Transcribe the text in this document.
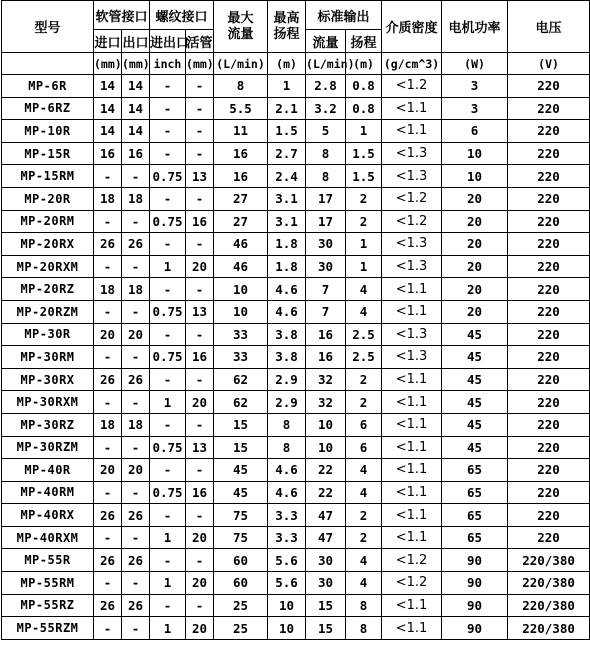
型号	软管接口		螺纹接口		最大流量	最高扬程	标准输出		介质密度	电机功率	电压
	进口	出口	进出口	活管			流量	扬程			
	(mm)	(mm)	inch	(mm)	(L/min)	(m)	(L/min)	(m)	(g/cm^3)	(W)	(V)
MP-6R	14	14	-	-	8	1	2.8	0.8	<1.2	3	220
MP-6RZ	14	14	-	-	5.5	2.1	3.2	0.8	<1.1	3	220
MP-10R	14	14	-	-	11	1.5	5	1	<1.1	6	220
MP-15R	16	16	-	-	16	2.7	8	1.5	<1.3	10	220
MP-15RM	-	-	0.75	13	16	2.4	8	1.5	<1.3	10	220
MP-20R	18	18	-	-	27	3.1	17	2	<1.2	20	220
MP-20RM	-	-	0.75	16	27	3.1	17	2	<1.2	20	220
MP-20RX	26	26	-	-	46	1.8	30	1	<1.3	20	220
MP-20RXM	-	-	1	20	46	1.8	30	1	<1.3	20	220
MP-20RZ	18	18	-	-	10	4.6	7	4	<1.1	20	220
MP-20RZM	-	-	0.75	13	10	4.6	7	4	<1.1	20	220
MP-30R	20	20	-	-	33	3.8	16	2.5	<1.3	45	220
MP-30RM	-	-	0.75	16	33	3.8	16	2.5	<1.3	45	220
MP-30RX	26	26	-	-	62	2.9	32	2	<1.1	45	220
MP-30RXM	-	-	1	20	62	2.9	32	2	<1.1	45	220
MP-30RZ	18	18	-	-	15	8	10	6	<1.1	45	220
MP-30RZM	-	-	0.75	13	15	8	10	6	<1.1	45	220
MP-40R	20	20	-	-	45	4.6	22	4	<1.1	65	220
MP-40RM	-	-	0.75	16	45	4.6	22	4	<1.1	65	220
MP-40RX	26	26	-	-	75	3.3	47	2	<1.1	65	220
MP-40RXM	-	-	1	20	75	3.3	47	2	<1.1	65	220
MP-55R	26	26	-	-	60	5.6	30	4	<1.2	90	220/380
MP-55RM	-	-	1	20	60	5.6	30	4	<1.2	90	220/380
MP-55RZ	26	26	-	-	25	10	15	8	<1.1	90	220/380
MP-55RZM	-	-	1	20	25	10	15	8	<1.1	90	220/380
